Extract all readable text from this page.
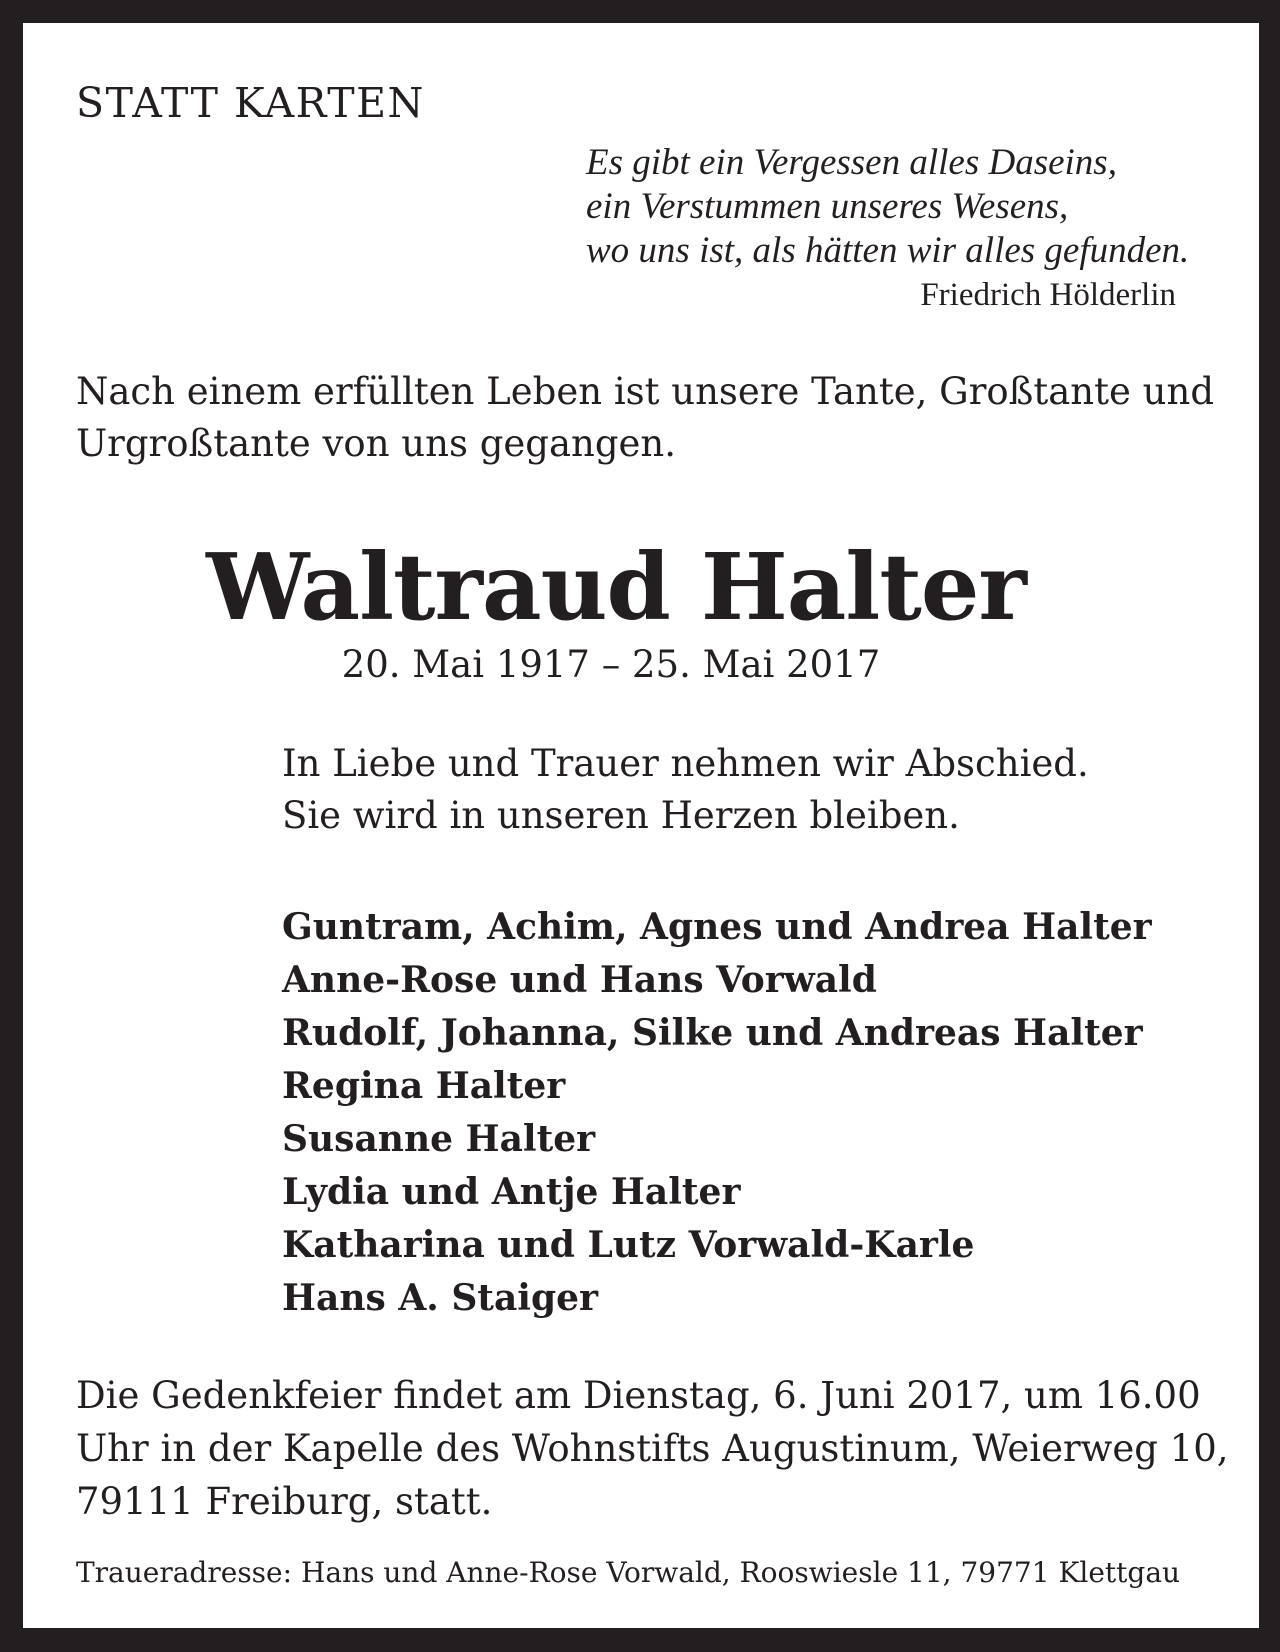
STATT KARTEN

Es gibt ein Vergessen alles Daseins,
ein Verstummen unseres Wesens,
wo uns ist, als hätten wir alles gefunden.
Friedrich Hölderlin
Nach einem erfüllten Leben ist unsere Tante, Großtante und
Urgroßtante von uns gegangen.
Waltraud Halter

20. Mai 1917 – 25. Mai 2017

In Liebe und Trauer nehmen wir Abschied.
Sie wird in unseren Herzen bleiben.
Guntram, Achim, Agnes und Andrea Halter
Anne-Rose und Hans Vorwald
Rudolf, Johanna, Silke und Andreas Halter
Regina Halter
Susanne Halter
Lydia und Antje Halter
Katharina und Lutz Vorwald-Karle
Hans A. Staiger
Die Gedenkfeier findet am Dienstag, 6. Juni 2017, um 16.00
Uhr in der Kapelle des Wohnstifts Augustinum, Weierweg 10,
79111 Freiburg, statt.

Traueradresse: Hans und Anne-Rose Vorwald, Rooswiesle 11, 79771 Klettgau
